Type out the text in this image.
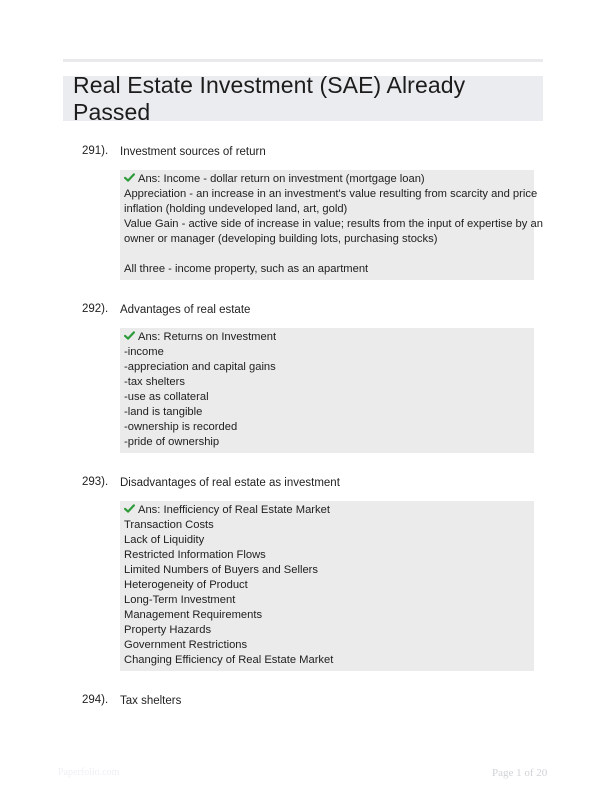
Real Estate Investment (SAE) Already Passed
291). Investment sources of return
Ans: Income - dollar return on investment (mortgage loan)
Appreciation - an increase in an investment's value resulting from scarcity and price
inflation (holding undeveloped land, art, gold)
Value Gain - active side of increase in value; results from the input of expertise by an
owner or manager (developing building lots, purchasing stocks)
All three - income property, such as an apartment
292). Advantages of real estate
Ans: Returns on Investment
-income
-appreciation and capital gains
-tax shelters
-use as collateral
-land is tangible
-ownership is recorded
-pride of ownership
293). Disadvantages of real estate as investment
Ans: Inefficiency of Real Estate Market
Transaction Costs
Lack of Liquidity
Restricted Information Flows
Limited Numbers of Buyers and Sellers
Heterogeneity of Product
Long-Term Investment
Management Requirements
Property Hazards
Government Restrictions
Changing Efficiency of Real Estate Market
294). Tax shelters
Paperfolio.com	Page 1 of 20
